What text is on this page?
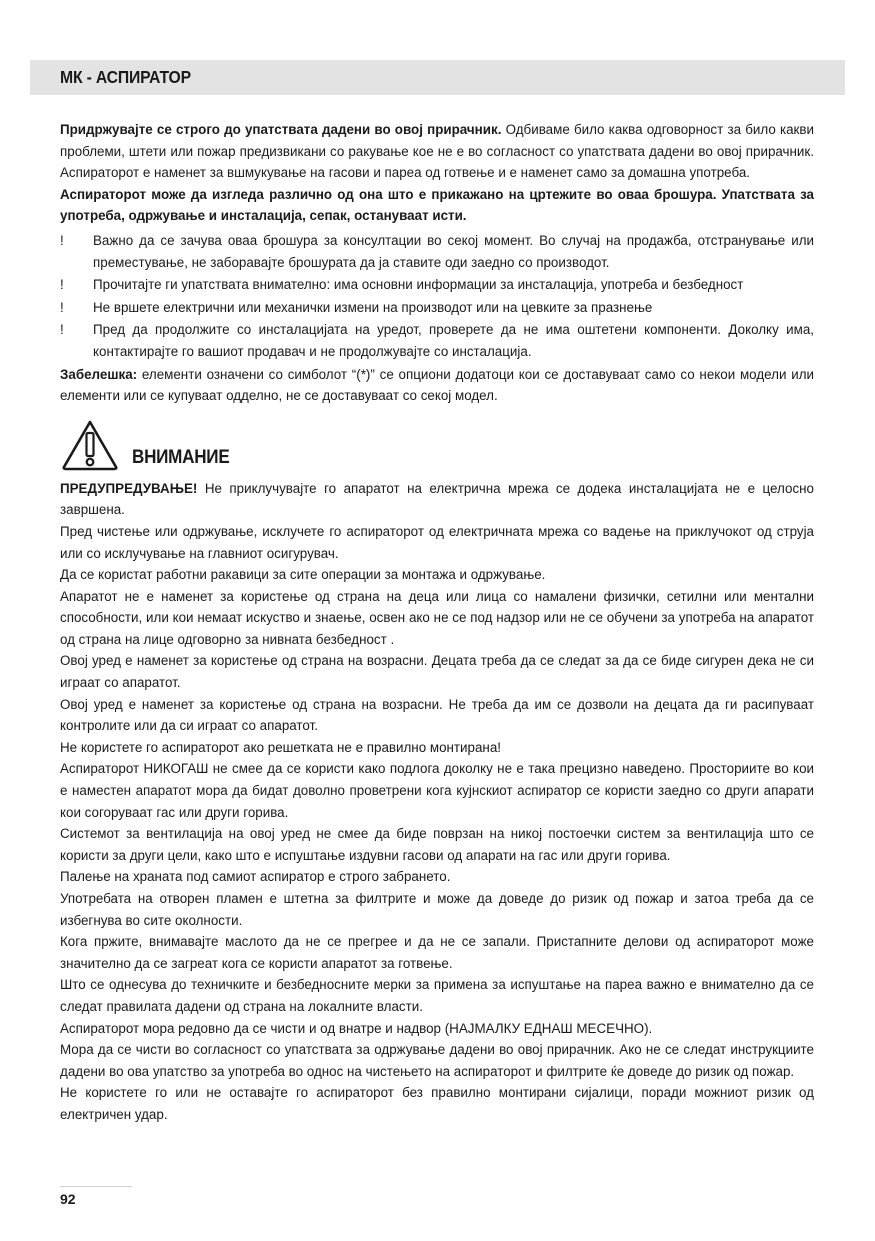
МК - АСПИРАТОР

Придржувајте се строго до упатствата дадени во овој прирачник. Одбиваме било каква одговорност за било какви проблеми, штети или пожар предизвикани со ракување кое не е во согласност со упатствата дадени во овој прирачник. Аспираторот е наменет за вшмукување на гасови и пареа од готвење и е наменет само за домашна употреба.

Аспираторот може да изгледа различно од она што е прикажано на цртежите во оваа брошура. Упатствата за употреба, одржување и инсталација, сепак, остануваат исти.

! Важно да се зачува оваа брошура за консултации во секој момент. Во случај на продажба, отстранување или преместување, не заборавајте брошурата да ја ставите оди заедно со производот.
! Прочитајте ги упатствата внимателно: има основни информации за инсталација, употреба и безбедност
! Не вршете електрични или механички измени на производот или на цевките за празнење
! Пред да продолжите со инсталацијата на уредот, проверете да не има оштетени компоненти. Доколку има, контактирајте го вашиот продавач и не продолжувајте со инсталација.

Забелешка: елементи означени со симболот “(*)” се опциони додатоци кои се доставуваат само со некои модели или елементи или се купуваат одделно, не се доставуваат со секој модел.

ВНИМАНИЕ

ПРЕДУПРЕДУВАЊЕ! Не приклучувајте го апаратот на електрична мрежа се додека инсталацијата не е целосно завршена.

Пред чистење или одржување, исклучете го аспираторот од електричната мрежа со вадење на приклучокот од струја или со исклучување на главниот осигурувач.

Да се користат работни ракавици за сите операции за монтажа и одржување.

Апаратот не е наменет за користење од страна на деца или лица со намалени физички, сетилни или ментални способности, или кои немаат искуство и знаење, освен ако не се под надзор или не се обучени за употреба на апаратот од страна на лице одговорно за нивната безбедност .

Овој уред е наменет за користење од страна на возрасни. Децата треба да се следат за да се биде сигурен дека не си играат со апаратот.

Овој уред е наменет за користење од страна на возрасни. Не треба да им се дозволи на децата да ги расипуваат контролите или да си играат со апаратот.

Не користете го аспираторот ако решетката не е правилно монтирана!

Аспираторот НИКОГАШ не смее да се користи како подлога доколку не е така прецизно наведено. Просториите во кои е наместен апаратот мора да бидат доволно проветрени кога кујнскиот аспиратор се користи заедно со други апарати кои согоруваат гас или други горива.

Системот за вентилација на овој уред не смее да биде поврзан на никој постоечки систем за вентилација што се користи за други цели, како што е испуштање издувни гасови од апарати на гас или други горива.

Палење на храната под самиот аспиратор е строго забрането.

Употребата на отворен пламен е штетна за филтрите и може да доведе до ризик од пожар и затоа треба да се избегнува во сите околности.

Кога пржите, внимавајте маслото да не се прегрее и да не се запали. Пристапните делови од аспираторот може значително да се загреат кога се користи апаратот за готвење.

Што се однесува до техничките и безбедносните мерки за примена за испуштање на пареа важно е внимателно да се следат правилата дадени од страна на локалните власти.

Аспираторот мора редовно да се чисти и од внатре и надвор (НАЈМАЛКУ ЕДНАШ МЕСЕЧНО).

Мора да се чисти во согласност со упатствата за одржување дадени во овој прирачник. Ако не се следат инструкциите дадени во ова упатство за употреба во однос на чистењето на аспираторот и филтрите ќе доведе до ризик од пожар.

Не користете го или не оставајте го аспираторот без правилно монтирани сијалици, поради можниот ризик од електричен удар.

92
